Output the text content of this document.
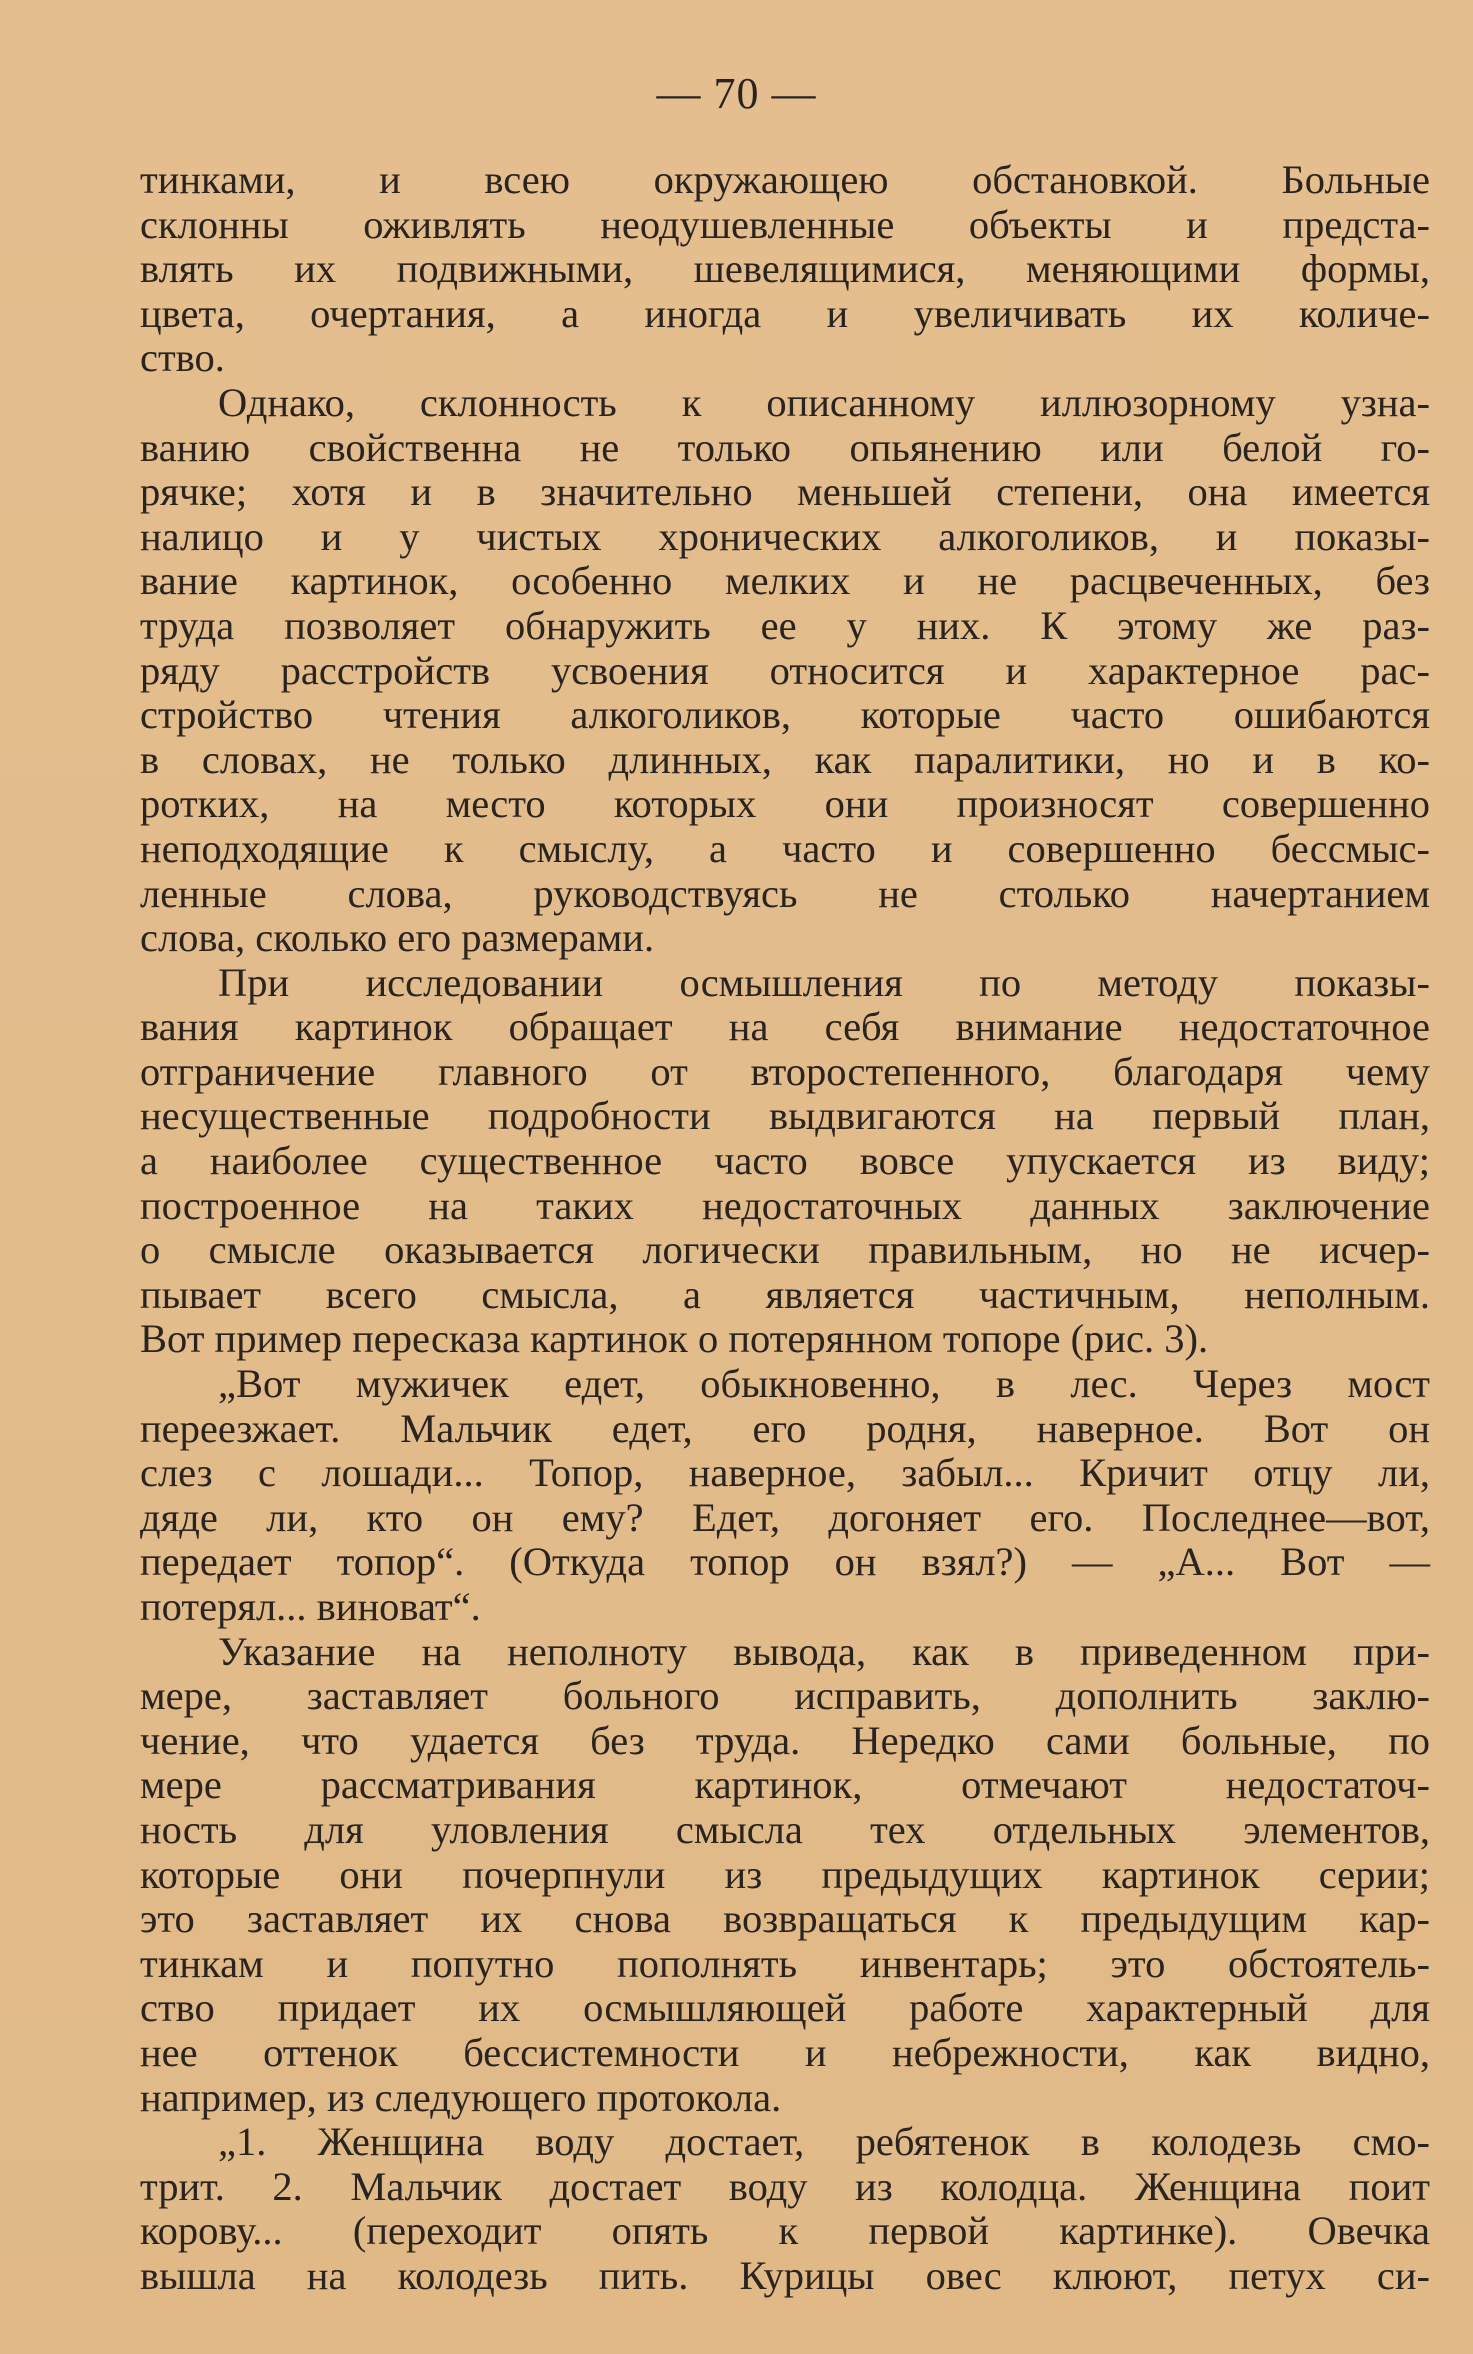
— 70 —
тинками, и всею окружающею обстановкой. Больные
склонны оживлять неодушевленные объекты и предста-
влять их подвижными, шевелящимися, меняющими формы,
цвета, очертания, а иногда и увеличивать их количе-
ство.
Однако, склонность к описанному иллюзорному узна-
ванию свойственна не только опьянению или белой го-
рячке; хотя и в значительно меньшей степени, она имеется
налицо и у чистых хронических алкоголиков, и показы-
вание картинок, особенно мелких и не расцвеченных, без
труда позволяет обнаружить ее у них. К этому же раз-
ряду расстройств усвоения относится и характерное рас-
стройство чтения алкоголиков, которые часто ошибаются
в словах, не только длинных, как паралитики, но и в ко-
ротких, на место которых они произносят совершенно
неподходящие к смыслу, а часто и совершенно бессмыс-
ленные слова, руководствуясь не столько начертанием
слова, сколько его размерами.
При исследовании осмышления по методу показы-
вания картинок обращает на себя внимание недостаточное
отграничение главного от второстепенного, благодаря чему
несущественные подробности выдвигаются на первый план,
а наиболее существенное часто вовсе упускается из виду;
построенное на таких недостаточных данных заключение
о смысле оказывается логически правильным, но не исчер-
пывает всего смысла, а является частичным, неполным.
Вот пример пересказа картинок о потерянном топоре (рис. 3).
„Вот мужичек едет, обыкновенно, в лес. Через мост
переезжает. Мальчик едет, его родня, наверное. Вот он
слез с лошади... Топор, наверное, забыл... Кричит отцу ли,
дяде ли, кто он ему? Едет, догоняет его. Последнее—вот,
передает топор“. (Откуда топор он взял?) — „А... Вот —
потерял... виноват“.
Указание на неполноту вывода, как в приведенном при-
мере, заставляет больного исправить, дополнить заклю-
чение, что удается без труда. Нередко сами больные, по
мере рассматривания картинок, отмечают недостаточ-
ность для уловления смысла тех отдельных элементов,
которые они почерпнули из предыдущих картинок серии;
это заставляет их снова возвращаться к предыдущим кар-
тинкам и попутно пополнять инвентарь; это обстоятель-
ство придает их осмышляющей работе характерный для
нее оттенок бессистемности и небрежности, как видно,
например, из следующего протокола.
„1. Женщина воду достает, ребятенок в колодезь смо-
трит. 2. Мальчик достает воду из колодца. Женщина поит
корову... (переходит опять к первой картинке). Овечка
вышла на колодезь пить. Курицы овес клюют, петух си-
